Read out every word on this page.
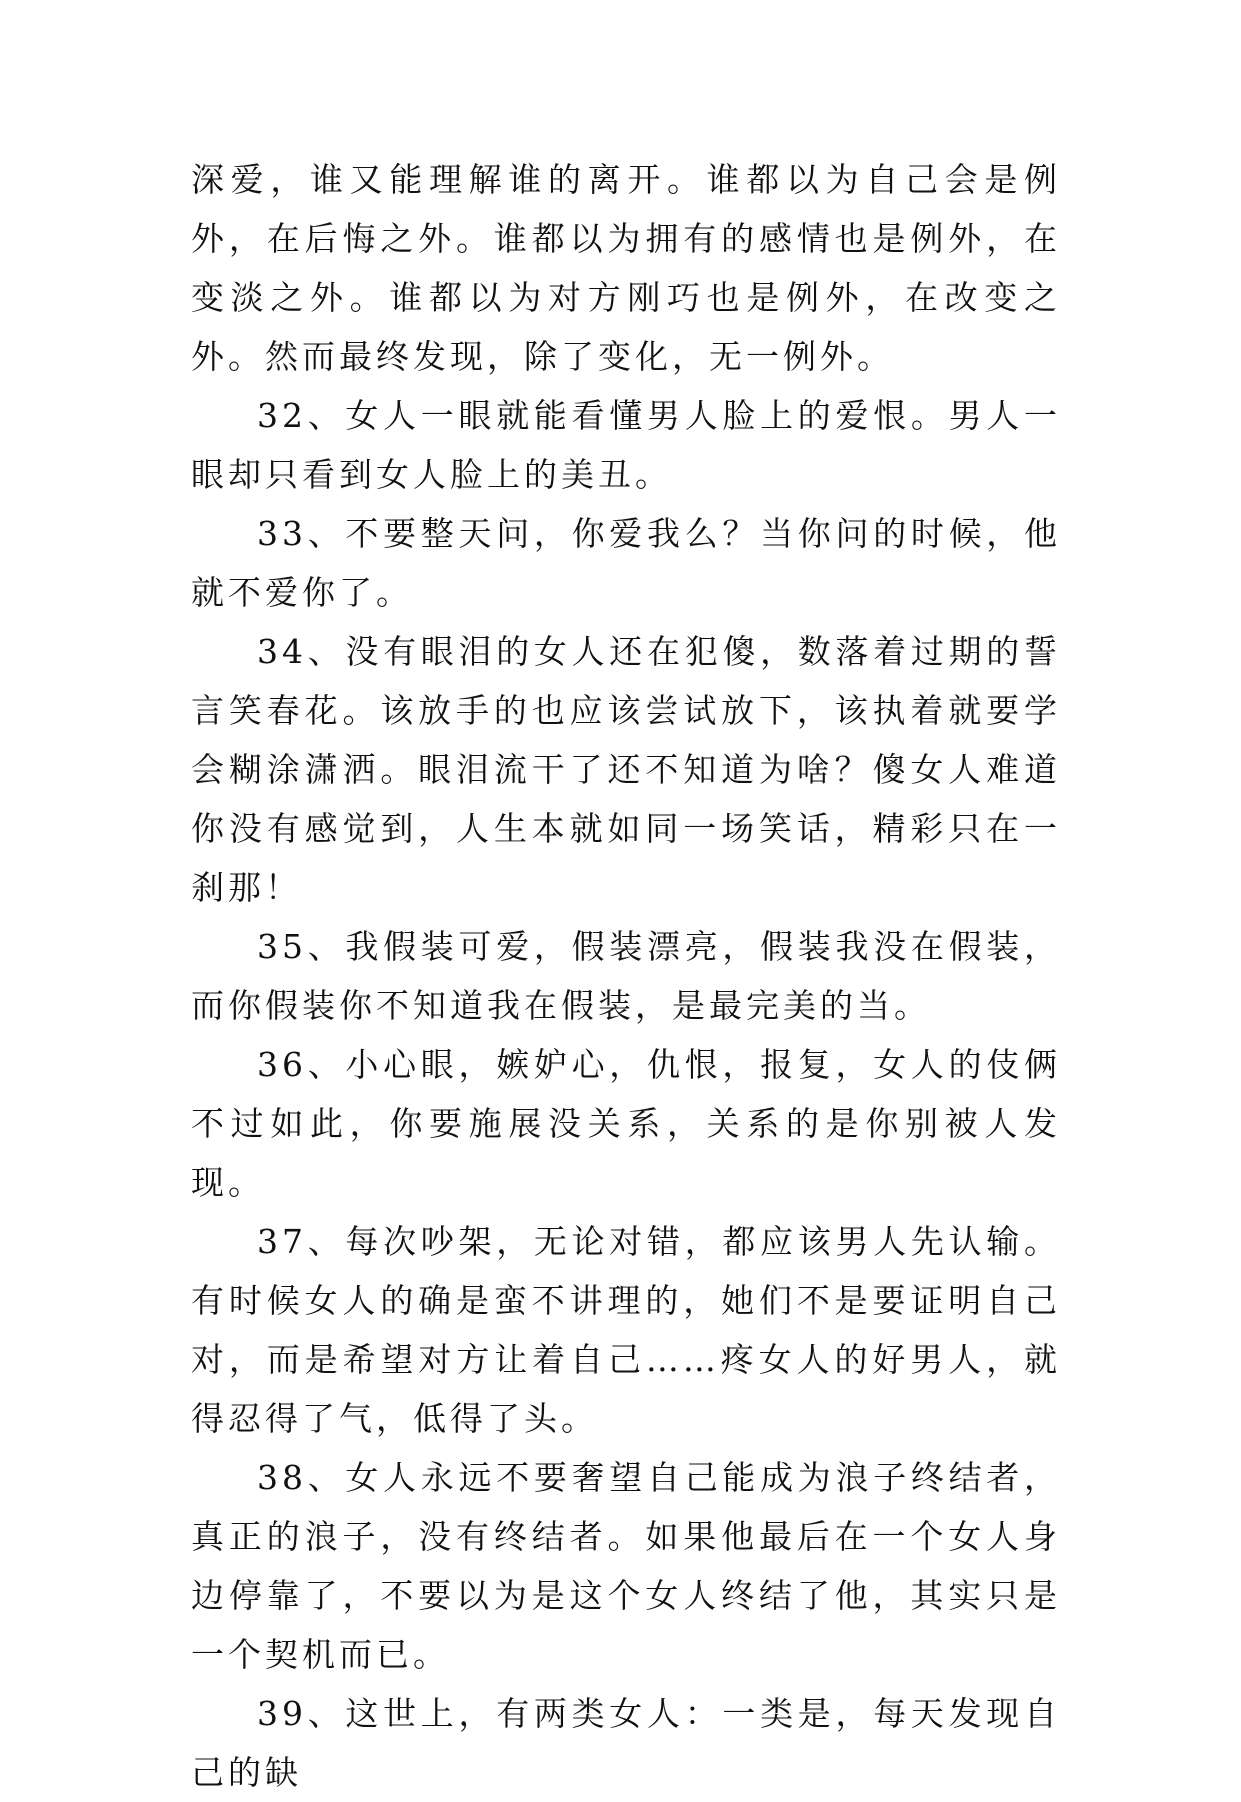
深爱，谁又能理解谁的离开。谁都以为自己会是例外，在后悔之外。谁都以为拥有的感情也是例外，在变淡之外。谁都以为对方刚巧也是例外，在改变之外。然而最终发现，除了变化，无一例外。

32、女人一眼就能看懂男人脸上的爱恨。男人一眼却只看到女人脸上的美丑。

33、不要整天问，你爱我么？当你问的时候，他就不爱你了。

34、没有眼泪的女人还在犯傻，数落着过期的誓言笑春花。该放手的也应该尝试放下，该执着就要学会糊涂潇洒。眼泪流干了还不知道为啥？傻女人难道你没有感觉到，人生本就如同一场笑话，精彩只在一刹那！

35、我假装可爱，假装漂亮，假装我没在假装，而你假装你不知道我在假装，是最完美的当。

36、小心眼，嫉妒心，仇恨，报复，女人的伎俩不过如此，你要施展没关系，关系的是你别被人发现。

37、每次吵架，无论对错，都应该男人先认输。有时候女人的确是蛮不讲理的，她们不是要证明自己对，而是希望对方让着自己……疼女人的好男人，就得忍得了气，低得了头。

38、女人永远不要奢望自己能成为浪子终结者，真正的浪子，没有终结者。如果他最后在一个女人身边停靠了，不要以为是这个女人终结了他，其实只是一个契机而已。

39、这世上，有两类女人：一类是，每天发现自己的缺
